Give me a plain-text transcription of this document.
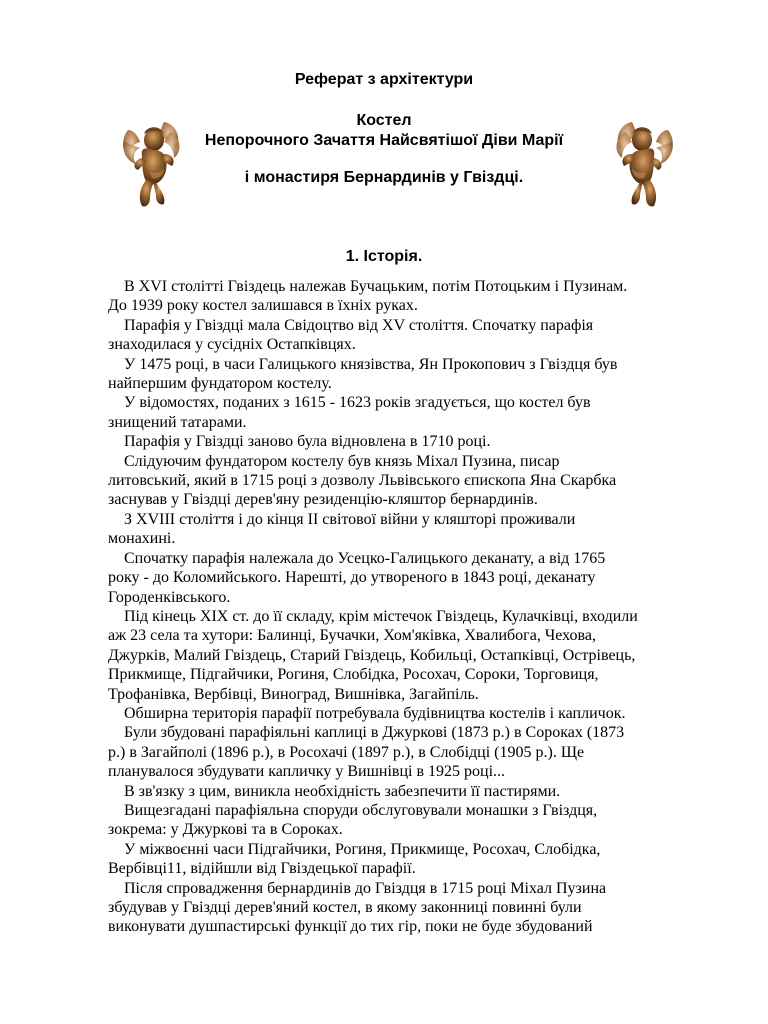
Реферат з архітектури
Костел
Непорочного Зачаття Найсвятішої Діви Марії
і монастиря Бернардинів у Гвіздці.
1. Історія.
В XVI столітті Гвіздець належав Бучацьким, потім Потоцьким і Пузинам.
До 1939 року костел залишався в їхніх руках.
Парафія у Гвіздці мала Свідоцтво від XV століття. Спочатку парафія
знаходилася у сусідніх Остапківцях.
У 1475 році, в часи Галицького князівства, Ян Прокопович з Гвіздця був
найпершим фундатором костелу.
У відомостях, поданих з 1615 - 1623 років згадується, що костел був
знищений татарами.
Парафія у Гвіздці заново була відновлена в 1710 році.
Слідуючим фундатором костелу був князь Міхал Пузина, писар
литовський, який в 1715 році з дозволу Львівського єпископа Яна Скарбка
заснував у Гвіздці дерев'яну резиденцію-кляштор бернардинів.
З XVIII століття і до кінця II світової війни у кляшторі проживали
монахині.
Спочатку парафія належала до Усецко-Галицького деканату, а від 1765
року - до Коломийського. Нарешті, до утвореного в 1843 році, деканату
Городенківського.
Під кінець XIX ст. до її складу, крім містечок Гвіздець, Кулачківці, входили
аж 23 села та хутори: Балинці, Бучачки, Хом'яківка, Хвалибога, Чехова,
Джурків, Малий Гвіздець, Старий Гвіздець, Кобильці, Остапківці, Острівець,
Прикмище, Підгайчики, Рогиня, Слобідка, Росохач, Сороки, Торговиця,
Трофанівка, Вербівці, Виноград, Вишнівка, Загайпіль.
Обширна територія парафії потребувала будівництва костелів і капличок.
Були збудовані парафіяльні каплиці в Джуркові (1873 р.) в Сороках (1873
р.) в Загайполі (1896 р.), в Росохачі (1897 р.), в Слобідці (1905 р.). Ще
планувалося збудувати капличку у Вишнівці в 1925 році...
В зв'язку з цим, виникла необхідність забезпечити її пастирями.
Вищезгадані парафіяльна споруди обслуговували монашки з Гвіздця,
зокрема: у Джуркові та в Сороках.
У міжвоєнні часи Підгайчики, Рогиня, Прикмище, Росохач, Слобідка,
Вербівці11, відійшли від Гвіздецької парафії.
Після спровадження бернардинів до Гвіздця в 1715 році Міхал Пузина
збудував у Гвіздці дерев'яний костел, в якому законниці повинні були
виконувати душпастирські функції до тих гір, поки не буде збудований
